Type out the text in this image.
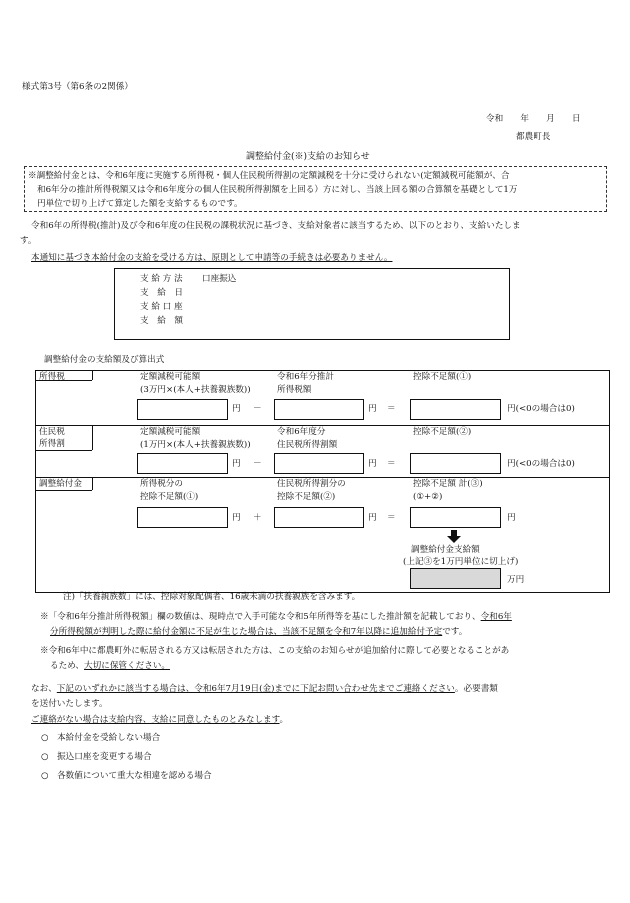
様式第3号（第6条の2関係）
令和　　年　　月　　日
都農町長
調整給付金(※)支給のお知らせ
※調整給付金とは、令和6年度に実施する所得税・個人住民税所得割の定額減税を十分に受けられない(定額減税可能額が、合
和6年分の推計所得税額又は令和6年度分の個人住民税所得割額を上回る）方に対し、当該上回る額の合算額を基礎として1万
円単位で切り上げて算定した額を支給するものです。
令和6年の所得税(推計)及び令和6年度の住民税の課税状況に基づき、支給対象者に該当するため、以下のとおり、支給いたしま
す。
本通知に基づき本給付金の支給を受ける方は、原則として申請等の手続きは必要ありません。
支 給 方 法 口座振込
支　給　日
支 給 口 座
支　給　額
調整給付金の支給額及び算出式
所得税	定額減税可能額
(3万円×(本人+扶養親族数))
令和6年分推計
所得税額
控除不足額(①)
円 －	円 ＝	円(<0の場合は0)
住民税
所得割
定額減税可能額
(1万円×(本人+扶養親族数))
令和6年度分
住民税所得割額
控除不足額(②)
円 －	円 ＝	円(<0の場合は0)
調整給付金	所得税分の
控除不足額(①)
住民税所得割分の
控除不足額(②)
控除不足額 計(③)
(①+②)
円 ＋	円 ＝	円
調整給付金支給額
(上記③を1万円単位に切上げ)
万円
注)「扶養親族数」には、控除対象配偶者、16歳未満の扶養親族を含みます。
※「令和6年分推計所得税額」欄の数値は、現時点で入手可能な令和5年所得等を基にした推計額を記載しており、令和6年
分所得税額が判明した際に給付金額に不足が生じた場合は、当該不足額を令和7年以降に追加給付予定です。
※令和6年中に都農町外に転居される方又は転居された方は、この支給のお知らせが追加給付に際して必要となることがあ
るため、大切に保管ください。
なお、下記のいずれかに該当する場合は、令和6年7月19日(金)までに下記お問い合わせ先までご連絡ください。必要書類
を送付いたします。
ご連絡がない場合は支給内容、支給に同意したものとみなします。
○　本給付金を受給しない場合
○　振込口座を変更する場合
○　各数値について重大な相違を認める場合
